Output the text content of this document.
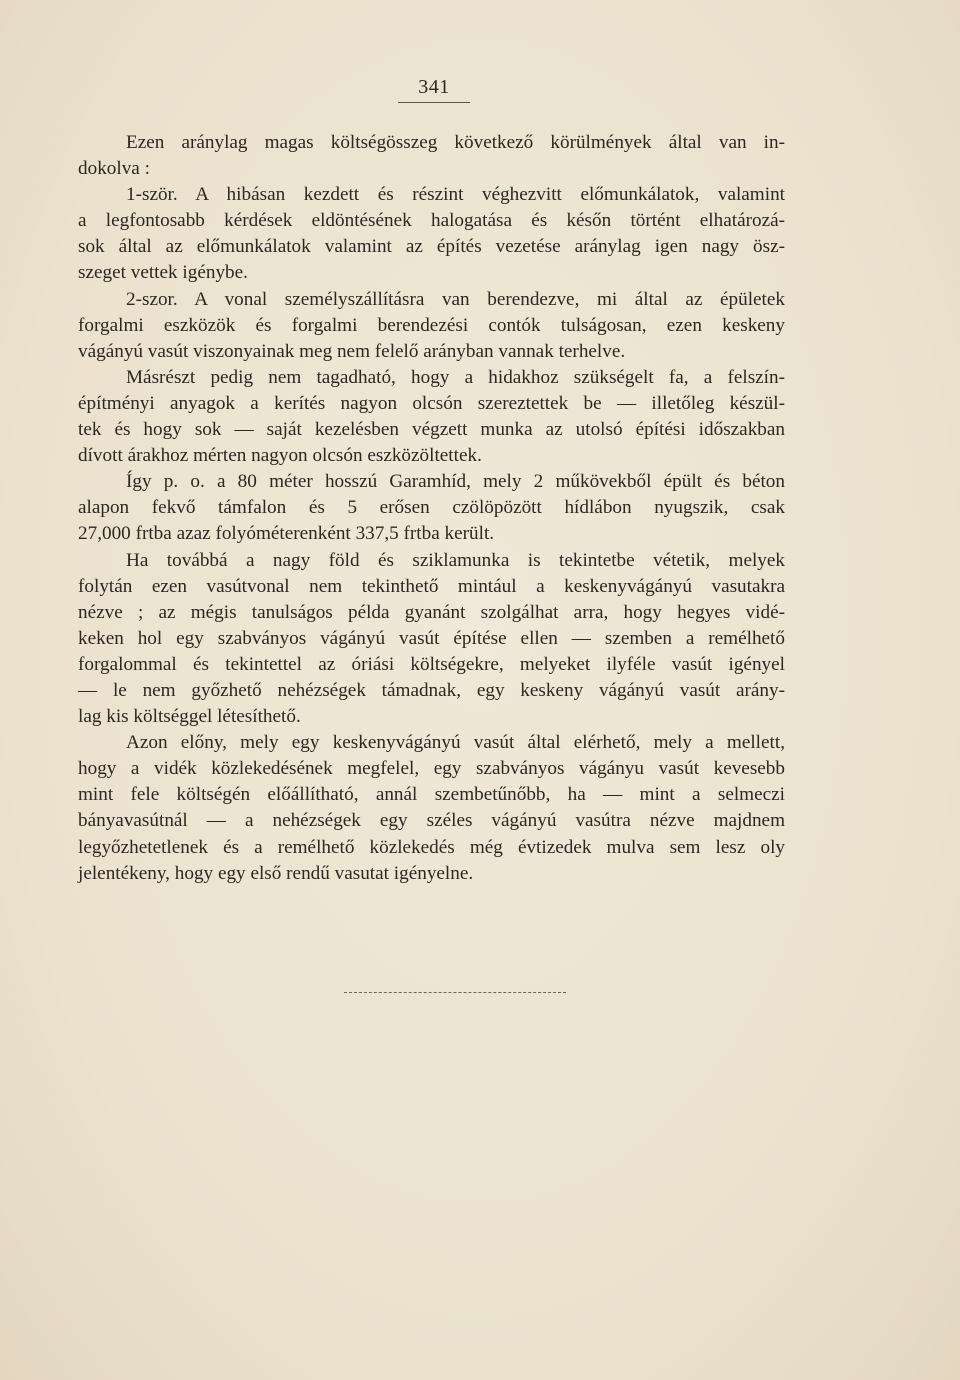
341

Ezen aránylag magas költségösszeg következő körülmények által van in-
dokolva :

1-ször. A hibásan kezdett és részint véghezvitt előmunkálatok, valamint
a legfontosabb kérdések eldöntésének halogatása és későn történt elhatározá-
sok által az előmunkálatok valamint az építés vezetése aránylag igen nagy ösz-
szeget vettek igénybe.

2-szor. A vonal személyszállításra van berendezve, mi által az épületek
forgalmi eszközök és forgalmi berendezési contók tulságosan, ezen keskeny
vágányú vasút viszonyainak meg nem felelő arányban vannak terhelve.

Másrészt pedig nem tagadható, hogy a hidakhoz szükségelt fa, a felszín-
építményi anyagok a kerítés nagyon olcsón szereztettek be — illetőleg készül-
tek és hogy sok — saját kezelésben végzett munka az utolsó építési időszakban
dívott árakhoz mérten nagyon olcsón eszközöltettek.

Így p. o. a 80 méter hosszú Garamhíd, mely 2 műkövekből épült és béton
alapon fekvő támfalon és 5 erősen czölöpözött hídlábon nyugszik, csak
27,000 frtba azaz folyóméterenként 337,5 frtba került.

Ha továbbá a nagy föld és sziklamunka is tekintetbe vétetik, melyek
folytán ezen vasútvonal nem tekinthető mintául a keskenyvágányú vasutakra
nézve ; az mégis tanulságos példa gyanánt szolgálhat arra, hogy hegyes vidé-
keken hol egy szabványos vágányú vasút építése ellen — szemben a remélhető
forgalommal és tekintettel az óriási költségekre, melyeket ilyféle vasút igényel
— le nem győzhető nehézségek támadnak, egy keskeny vágányú vasút arány-
lag kis költséggel létesíthető.

Azon előny, mely egy keskenyvágányú vasút által elérhető, mely a mellett,
hogy a vidék közlekedésének megfelel, egy szabványos vágányu vasút kevesebb
mint fele költségén előállítható, annál szembetűnőbb, ha — mint a selmeczi
bányavasútnál — a nehézségek egy széles vágányú vasútra nézve majdnem
legyőzhetetlenek és a remélhető közlekedés még évtizedek mulva sem lesz oly
jelentékeny, hogy egy első rendű vasutat igényelne.
